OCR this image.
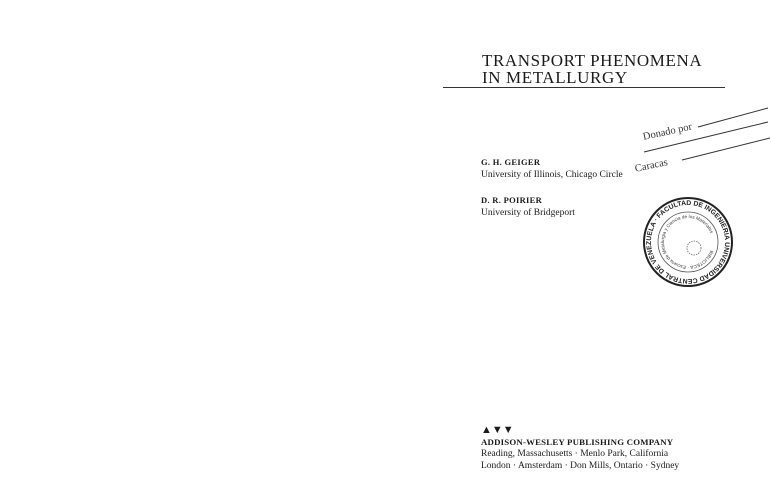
TRANSPORT PHENOMENA
IN METALLURGY
Donado por
Caracas
G. H. GEIGER
University of Illinois, Chicago Circle
D. R. POIRIER
University of Bridgeport
UNIVERSIDAD CENTRAL DE VENEZUELA · FACULTAD DE INGENIERIA
BIBLIOTECA · Escuela de Metalurgia y Ciencia de los Materiales
▲▼▼
ADDISON-WESLEY PUBLISHING COMPANY
Reading, Massachusetts · Menlo Park, California
London · Amsterdam · Don Mills, Ontario · Sydney
